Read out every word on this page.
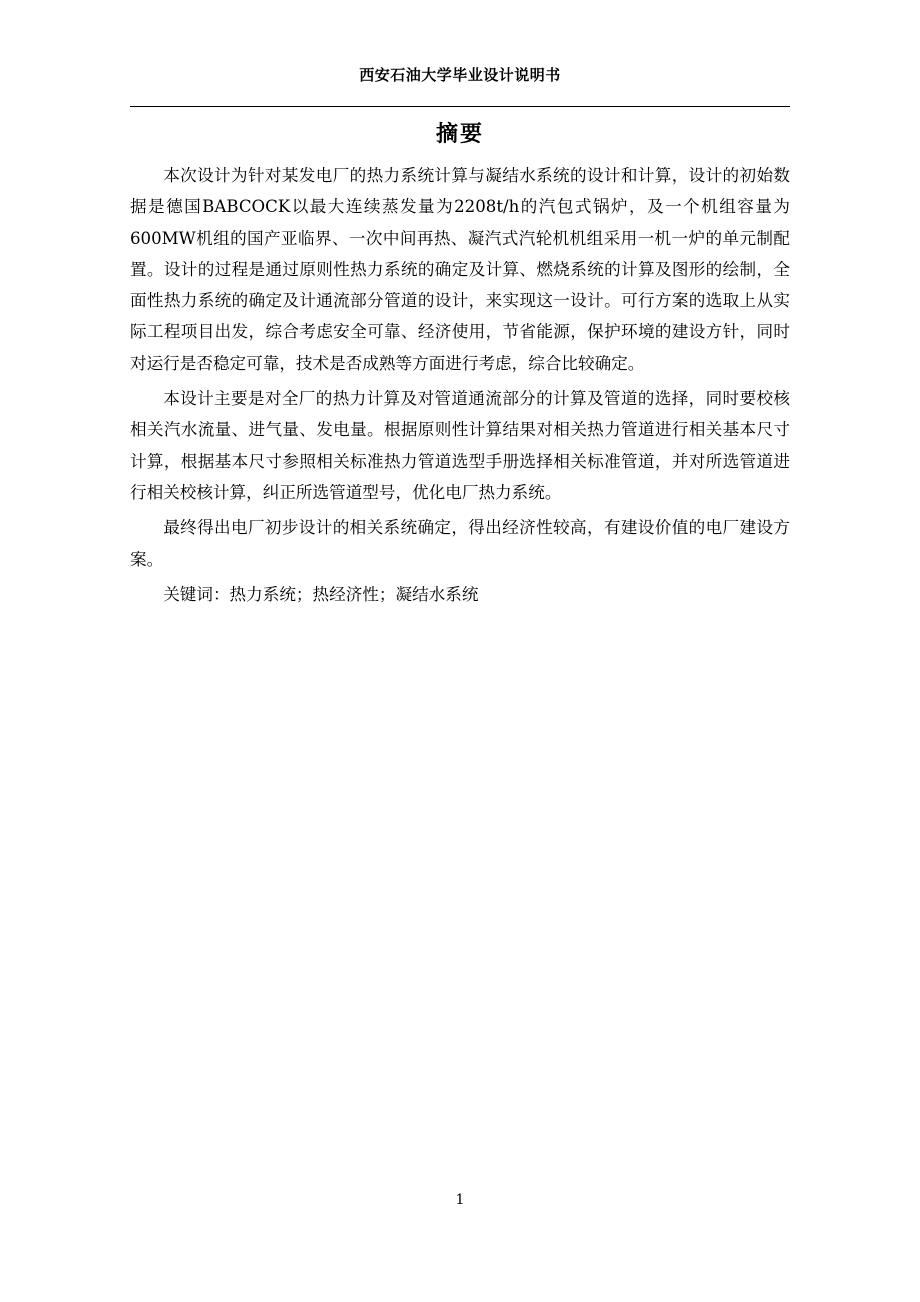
西安石油大学毕业设计说明书
摘要

本次设计为针对某发电厂的热力系统计算与凝结水系统的设计和计算，设计的初始数据是德国BABCOCK以最大连续蒸发量为2208t/h的汽包式锅炉，及一个机组容量为600MW机组的国产亚临界、一次中间再热、凝汽式汽轮机机组采用一机一炉的单元制配置。设计的过程是通过原则性热力系统的确定及计算、燃烧系统的计算及图形的绘制，全面性热力系统的确定及计通流部分管道的设计，来实现这一设计。可行方案的选取上从实际工程项目出发，综合考虑安全可靠、经济使用，节省能源，保护环境的建设方针，同时对运行是否稳定可靠，技术是否成熟等方面进行考虑，综合比较确定。

本设计主要是对全厂的热力计算及对管道通流部分的计算及管道的选择，同时要校核相关汽水流量、进气量、发电量。根据原则性计算结果对相关热力管道进行相关基本尺寸计算，根据基本尺寸参照相关标准热力管道选型手册选择相关标准管道，并对所选管道进行相关校核计算，纠正所选管道型号，优化电厂热力系统。

最终得出电厂初步设计的相关系统确定，得出经济性较高，有建设价值的电厂建设方案。

关键词：热力系统；热经济性；凝结水系统

1
